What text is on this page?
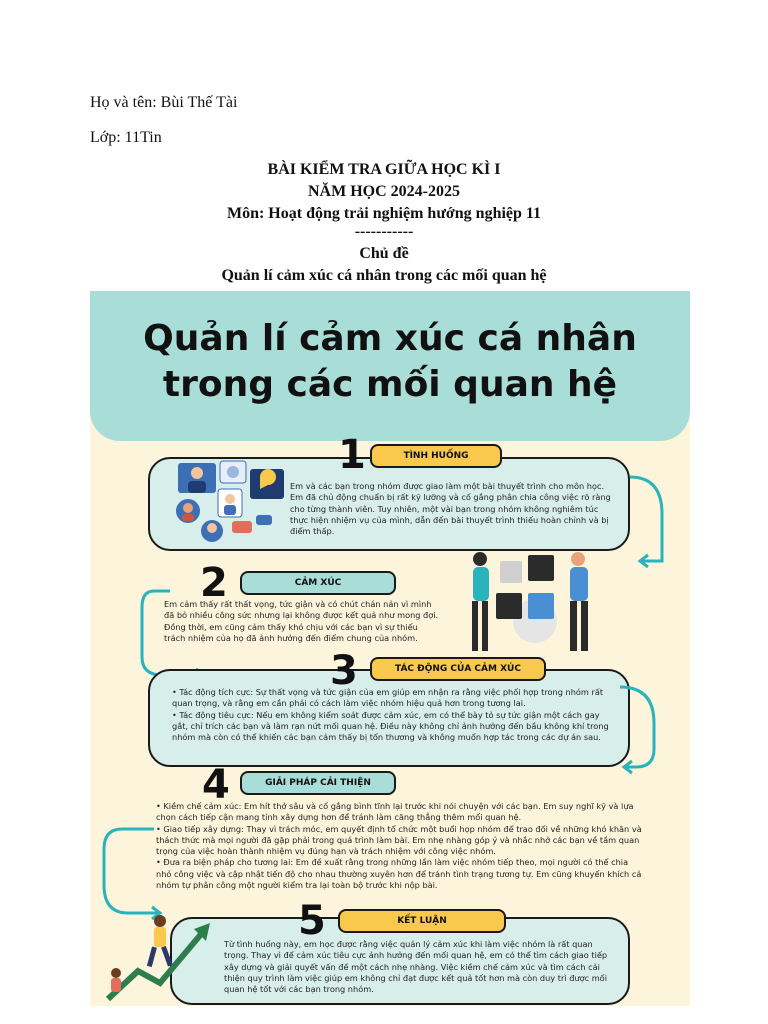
Họ và tên: Bùi Thế Tài
Lớp: 11Tin
BÀI KIỂM TRA GIỮA HỌC KÌ I
NĂM HỌC 2024-2025
Môn: Hoạt động trải nghiệm hướng nghiệp 11
-----------
Chủ đề
Quản lí cảm xúc cá nhân trong các mối quan hệ
Quản lí cảm xúc cá nhân
trong các mối quan hệ
1	TÌNH HUỐNG

Em và các bạn trong nhóm được giao làm một bài thuyết trình cho môn học. Em đã chủ động chuẩn bị rất kỹ lưỡng và cố gắng phân chia công việc rõ ràng cho từng thành viên. Tuy nhiên, một vài bạn trong nhóm không nghiêm túc thực hiện nhiệm vụ của mình, dẫn đến bài thuyết trình thiếu hoàn chỉnh và bị điểm thấp.

2	CẢM XÚC

Em cảm thấy rất thất vọng, tức giận và có chút chán nản vì mình đã bỏ nhiều công sức nhưng lại không được kết quả như mong đợi. Đồng thời, em cũng cảm thấy khó chịu với các bạn vì sự thiếu trách nhiệm của họ đã ảnh hưởng đến điểm chung của nhóm.

3	TÁC ĐỘNG CỦA CẢM XÚC

• Tác động tích cực: Sự thất vọng và tức giận của em giúp em nhận ra rằng việc phối hợp trong nhóm rất quan trọng, và rằng em cần phải có cách làm việc nhóm hiệu quả hơn trong tương lai.

• Tác động tiêu cực: Nếu em không kiểm soát được cảm xúc, em có thể bày tỏ sự tức giận một cách gay gắt, chỉ trích các bạn và làm rạn nứt mối quan hệ. Điều này không chỉ ảnh hưởng đến bầu không khí trong nhóm mà còn có thể khiến các bạn cảm thấy bị tổn thương và không muốn hợp tác trong các dự án sau.

4	GIẢI PHÁP CẢI THIỆN

• Kiềm chế cảm xúc: Em hít thở sâu và cố gắng bình tĩnh lại trước khi nói chuyện với các bạn. Em suy nghĩ kỹ và lựa chọn cách tiếp cận mang tính xây dựng hơn để tránh làm căng thẳng thêm mối quan hệ.

• Giao tiếp xây dựng: Thay vì trách móc, em quyết định tổ chức một buổi họp nhóm để trao đổi về những khó khăn và thách thức mà mọi người đã gặp phải trong quá trình làm bài. Em nhẹ nhàng góp ý và nhắc nhở các bạn về tầm quan trọng của việc hoàn thành nhiệm vụ đúng hạn và trách nhiệm với công việc nhóm.

• Đưa ra biện pháp cho tương lai: Em đề xuất rằng trong những lần làm việc nhóm tiếp theo, mọi người có thể chia nhỏ công việc và cập nhật tiến độ cho nhau thường xuyên hơn để tránh tình trạng tương tự. Em cũng khuyến khích cả nhóm tự phân công một người kiểm tra lại toàn bộ trước khi nộp bài.

5	KẾT LUẬN

Từ tình huống này, em học được rằng việc quản lý cảm xúc khi làm việc nhóm là rất quan trọng. Thay vì để cảm xúc tiêu cực ảnh hưởng đến mối quan hệ, em có thể tìm cách giao tiếp xây dựng và giải quyết vấn đề một cách nhẹ nhàng. Việc kiềm chế cảm xúc và tìm cách cải thiện quy trình làm việc giúp em không chỉ đạt được kết quả tốt hơn mà còn duy trì được mối quan hệ tốt với các bạn trong nhóm.
